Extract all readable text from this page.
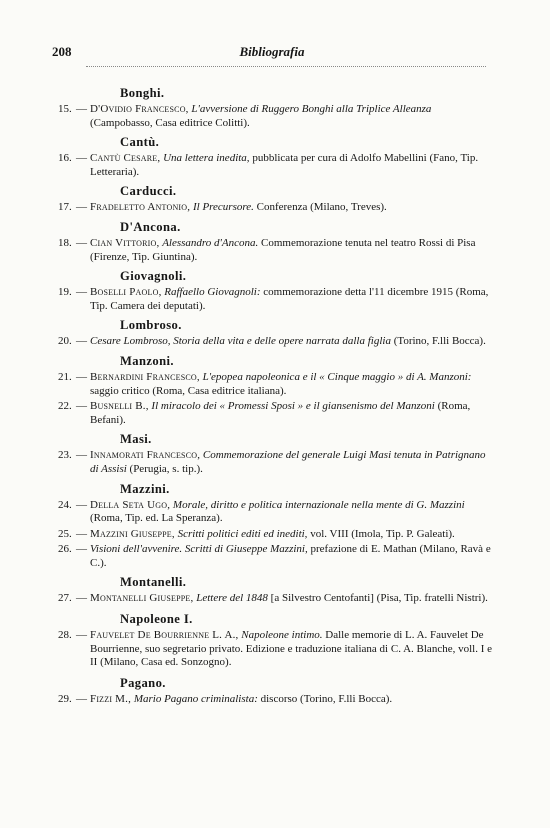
208	Bibliografia
Bonghi.
15. — D'Ovidio Francesco, L'avversione di Ruggero Bonghi alla Triplice Alleanza (Campobasso, Casa editrice Colitti).
Cantù.
16. — Cantù Cesare, Una lettera inedita, pubblicata per cura di Adolfo Mabellini (Fano, Tip. Letteraria).
Carducci.
17. — Fradeletto Antonio, Il Precursore. Conferenza (Milano, Treves).
D'Ancona.
18. — Cian Vittorio, Alessandro d'Ancona. Commemorazione tenuta nel teatro Rossi di Pisa (Firenze, Tip. Giuntina).
Giovagnoli.
19. — Boselli Paolo, Raffaello Giovagnoli: commemorazione detta l'11 dicembre 1915 (Roma, Tip. Camera dei deputati).
Lombroso.
20. — Cesare Lombroso, Storia della vita e delle opere narrata dalla figlia (Torino, F.lli Bocca).
Manzoni.
21. — Bernardini Francesco, L'epopea napoleonica e il « Cinque maggio » di A. Manzoni: saggio critico (Roma, Casa editrice italiana).
22. — Busnelli B., Il miracolo dei « Promessi Sposi » e il giansenismo del Manzoni (Roma, Befani).
Masi.
23. — Innamorati Francesco, Commemorazione del generale Luigi Masi tenuta in Patrignano di Assisi (Perugia, s. tip.).
Mazzini.
24. — Della Seta Ugo, Morale, diritto e politica internazionale nella mente di G. Mazzini (Roma, Tip. ed. La Speranza).
25. — Mazzini Giuseppe, Scritti politici editi ed inediti, vol. VIII (Imola, Tip. P. Galeati).
26. — Visioni dell'avvenire. Scritti di Giuseppe Mazzini, prefazione di E. Mathan (Milano, Ravà e C.).
Montanelli.
27. — Montanelli Giuseppe, Lettere del 1848 [a Silvestro Centofanti] (Pisa, Tip. fratelli Nistri).
Napoleone I.
28. — Fauvelet De Bourrienne L. A., Napoleone intimo. Dalle memorie di L. A. Fauvelet De Bourrienne, suo segretario privato. Edizione e traduzione italiana di C. A. Blanche, voll. I e II (Milano, Casa ed. Sonzogno).
Pagano.
29. — Fizzi M., Mario Pagano criminalista: discorso (Torino, F.lli Bocca).
